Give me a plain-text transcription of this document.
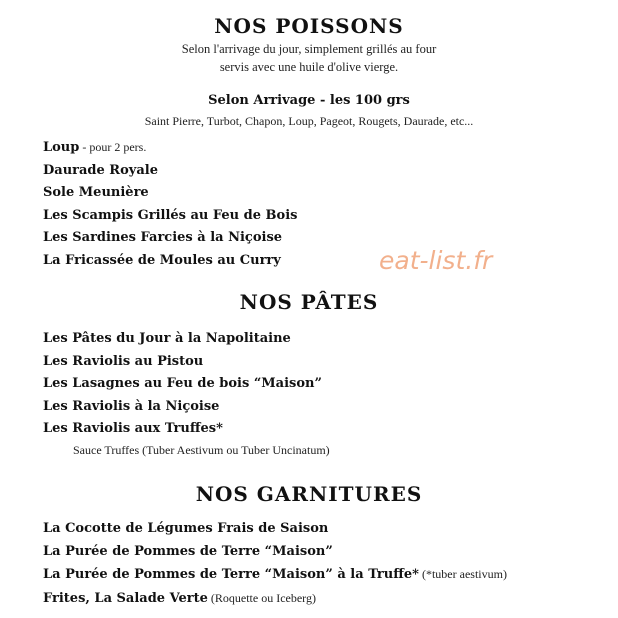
NOS POISSONS
Selon l'arrivage du jour, simplement grillés au four
servis avec une huile d'olive vierge.
Selon Arrivage - les 100 grs
Saint Pierre, Turbot, Chapon, Loup, Pageot, Rougets, Daurade, etc...
Loup - pour 2 pers.
Daurade Royale
Sole Meunière
Les Scampis Grillés au Feu de Bois
Les Sardines Farcies à la Niçoise
La Fricassée de Moules au Curry	eat-list.fr
NOS PÂTES
Les Pâtes du Jour à la Napolitaine
Les Raviolis au Pistou
Les Lasagnes au Feu de bois “Maison”
Les Raviolis à la Niçoise
Les Raviolis aux Truffes*
Sauce Truffes (Tuber Aestivum ou Tuber Uncinatum)
NOS GARNITURES
La Cocotte de Légumes Frais de Saison
La Purée de Pommes de Terre “Maison”
La Purée de Pommes de Terre “Maison” à la Truffe* (*tuber aestivum)
Frites, La Salade Verte (Roquette ou Iceberg)
